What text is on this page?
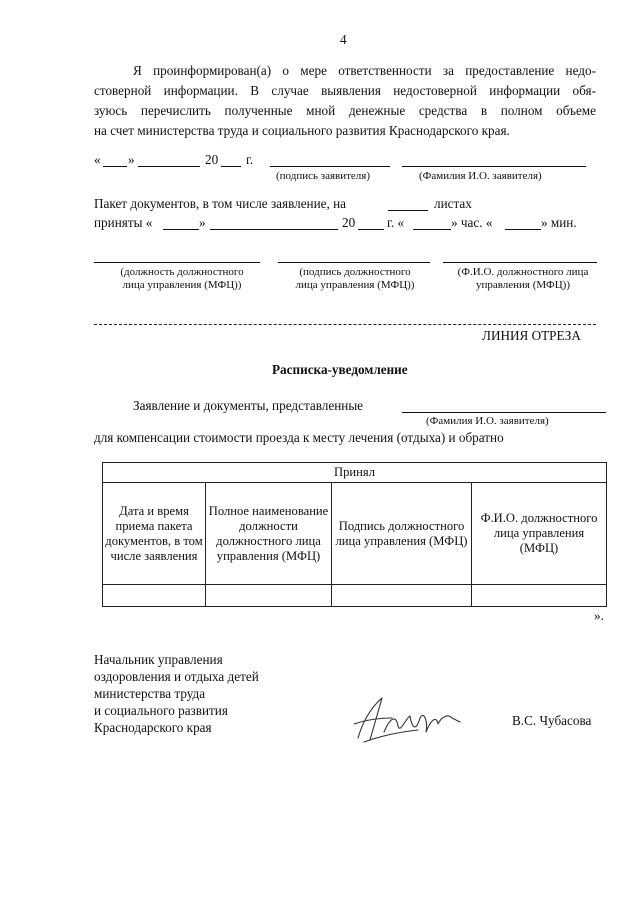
4
Я проинформирован(а) о мере ответственности за предоставление недо-
стоверной информации. В случае выявления недостоверной информации обя-
зуюсь перечислить полученные мной денежные средства в полном объеме
на счет министерства труда и социального развития Краснодарского края.
« »	20 г.
(подпись заявителя)	(Фамилия И.О. заявителя)
Пакет документов, в том числе заявление, на	листах
приняты «	»	20 г. «	» час. «	» мин.
(должность должностного
лица управления (МФЦ))
(подпись должностного
лица управления (МФЦ))
(Ф.И.О. должностного лица
управления (МФЦ))
ЛИНИЯ ОТРЕЗА
Расписка-уведомление
Заявление и документы, представленные
(Фамилия И.О. заявителя)
для компенсации стоимости проезда к месту лечения (отдыха) и обратно
Принял			
Дата и время приема пакета документов, в том числе заявления	Полное наименование должности должностного лица управления (МФЦ)	Подпись должностного лица управления (МФЦ)	Ф.И.О. должностного лица управления (МФЦ)

».
Начальник управления
оздоровления и отдыха детей
министерства труда
и социального развития
Краснодарского края	В.С. Чубасова
